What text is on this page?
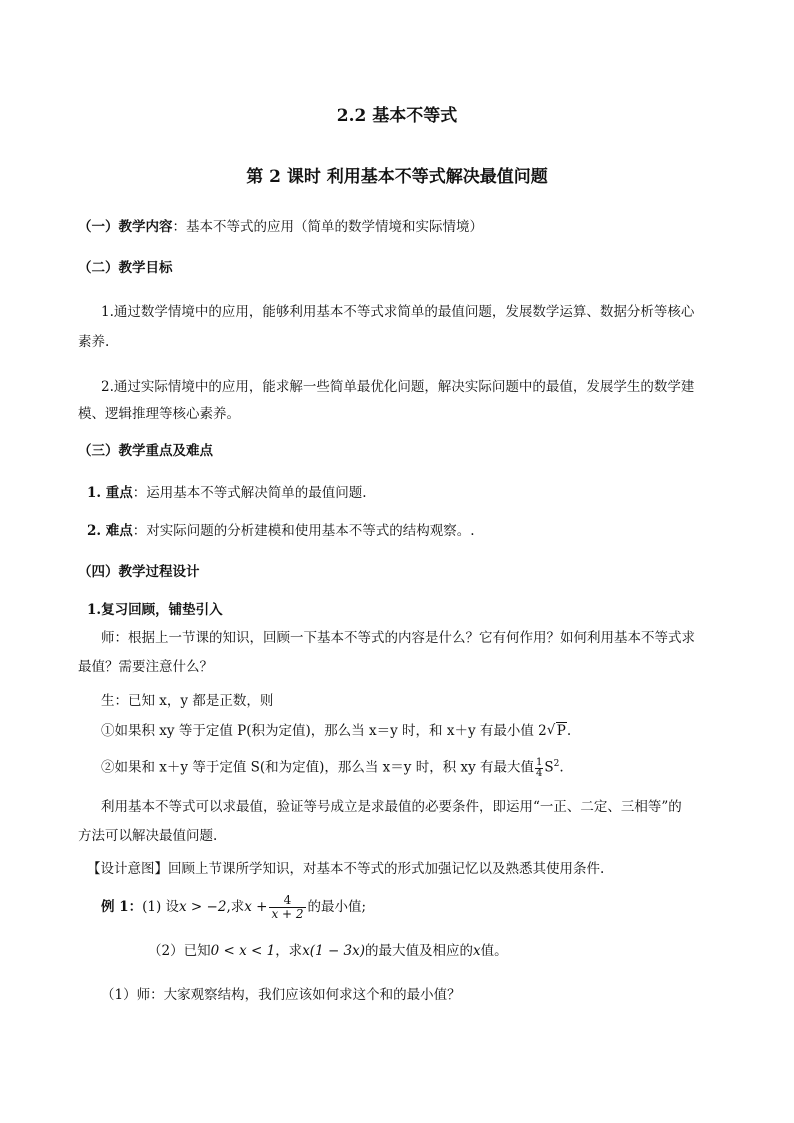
2.2 基本不等式
第 2 课时 利用基本不等式解决最值问题
（一）教学内容：基本不等式的应用（简单的数学情境和实际情境）
（二）教学目标
1.通过数学情境中的应用，能够利用基本不等式求简单的最值问题，发展数学运算、数据分析等核心
素养.
2.通过实际情境中的应用，能求解一些简单最优化问题，解决实际问题中的最值，发展学生的数学建
模、逻辑推理等核心素养。
（三）教学重点及难点
1. 重点：运用基本不等式解决简单的最值问题.
2. 难点：对实际问题的分析建模和使用基本不等式的结构观察。.
（四）教学过程设计
1.复习回顾，铺垫引入
师：根据上一节课的知识，回顾一下基本不等式的内容是什么？它有何作用？如何利用基本不等式求
最值？需要注意什么？
生：已知 x，y 都是正数，则
①如果积 xy 等于定值 P(积为定值)，那么当 x＝y 时，和 x＋y 有最小值 2√ P.
②如果和 x＋y 等于定值 S(和为定值)，那么当 x＝y 时，积 xy 有最大值 $\frac{1}{4} S^2$.
利用基本不等式可以求最值，验证等号成立是求最值的必要条件，即运用“一正、二定、三相等”的
方法可以解决最值问题.
【设计意图】回顾上节课所学知识，对基本不等式的形式加强记忆以及熟悉其使用条件.
例 1：(1) 设x > −2,求$x + \frac{4}{x + 2}$ 的最小值;
（2）已知0 < x < 1，求x(1 − 3x)的最大值及相应的x值。
（1）师：大家观察结构，我们应该如何求这个和的最小值？
